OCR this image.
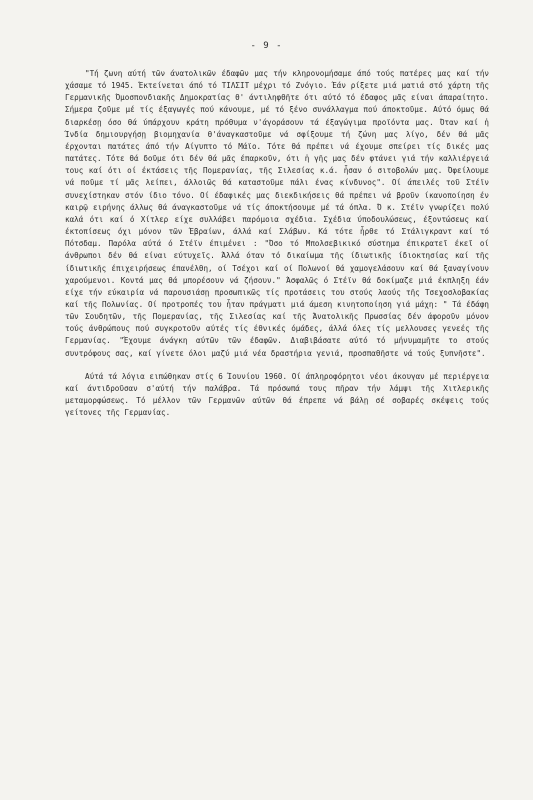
- 9 -

"Τή ζωνη αύτή τῶν άνατολικῶν έδαφῶν μας τήν κληρονομήσαμε άπό τούς πατέρες μας καί τήν χάσαμε τό 1945. Έκτείνεται άπό τό ΤΙΛΣΙΤ μέχρι τό Ζνόγιο. Έάν ρίξετε μιά ματιά στό χάρτη τῆς Γερμανικῆς Όμοσπονδιακῆς Δημοκρατίας θ' άντιληφθῆτε ότι αύτό τό έδαφος μᾶς είναι άπαραίτητο. Σήμερα ζοῦμε μέ τίς έξαγωγές πού κάνουμε, μέ τό ξένο συνάλλαγμα πού άποκτοῦμε. Αύτό όμως θά διαρκέσῃ όσο θά ύπάρχουν κράτη πρόθυμα ν'άγοράσουν τά έξαγώγιμα προϊόντα μας. Όταν καί ἡ Ίνδία δημιουργήσῃ βιομηχανία θ'άναγκαστοῦμε νά σφίξουμε τή ζώνη μας λίγο, δέν θά μᾶς έρχονται πατάτες άπό τήν Αίγυπτο τό Μάϊο. Τότε θά πρέπει νά έχουμε σπείρει τίς δικές μας πατάτες. Τότε θά δοῦμε ότι δέν θά μᾶς έπαρκοῦν, ότι ἡ γῆς μας δέν φτάνει γιά τήν καλλιέργειά τους καί ότι οί έκτάσεις τῆς Πομερανίας, τῆς Σιλεσίας κ.ά. ἦσαν ό σιτοβολών μας. Όφείλουμε νά ποῦμε τί μᾶς λείπει, άλλοιῶς θά καταστοῦμε πάλι ένας κίνδυνος". Οί άπειλές τοῦ Στέϊν συνεχίστηκαν στόν ίδιο τόνο. Οί έδαφικές μας διεκδικήσεις θά πρέπει νά βροῦν ίκανοποίηση έν καιρῷ ειρήνης άλλως θά άναγκαστοῦμε νά τίς άποκτήσουμε μέ τά όπλα. Ό κ. Στέϊν γνωρίζει πολύ καλά ότι καί ό Χίτλερ είχε συλλάβει παρόμοια σχέδια. Σχέδια ύποδουλώσεως, έξοντώσεως καί έκτοπίσεως όχι μόνον τῶν Έβραίων, άλλά καί Σλάβων. Κά τότε ἦρθε τό Στάλιγκραντ καί τό Πότσδαμ. Παρόλα αύτά ό Στέϊν έπιμένει : "Όσο τό Μπολσεβικικό σύστημα έπικρατεῖ έκεῖ οί άνθρωποι δέν θά είναι εύτυχεῖς. Άλλά όταν τό δικαίωμα τῆς ίδιωτικῆς ίδιοκτησίας καί τῆς ίδιωτικῆς έπιχειρήσεως έπανέλθη, οί Τσέχοι καί οί Πολωνοί θά χαμογελάσουν καί θά ξαναγίνουν χαρούμενοι. Κοντά μας θά μπορέσουν νά ζήσουν." Άσφαλῶς ό Στέϊν θά δοκίμαζε μιά έκπληξη έάν είχε τήν εύκαιρία νά παρουσιάσῃ προσωπικῶς τίς προτάσεις του στούς λαούς τῆς Τσεχοσλοβακίας καί τῆς Πολωνίας. Οί προτροπές του ἦταν πράγματι μιά άμεση κινητοποίηση γιά μάχη: " Τά έδάφη τῶν Σουδητῶν, τῆς Πομερανίας, τῆς Σιλεσίας καί τῆς Άνατολικῆς Πρωσσίας δέν άφοροῦν μόνον τούς άνθρώπους πού συγκροτοῦν αύτές τίς έθνικές όμάδες, άλλά όλες τίς μελλουσες γενεές τῆς Γερμανίας. "Έχουμε άνάγκη αύτῶν τῶν έδαφῶν. Διαβιβάσατε αύτό τό μήνυμαμῆτε το στούς συντρόφους σας, καί γίνετε όλοι μαζύ μιά νέα δραστήρια γενιά, προσπαθῆστε νά τούς ξυπνῆστε".

Αύτά τά λόγια ειπώθηκαν στίς 6 Ίουνίου 1960. Οί άπληροφόρητοι νέοι άκουγαν μέ περιέργεια καί άντιδροῦσαν σ'αύτή τήν παλάβρα. Τά πρόσωπά τους πῆραν τήν λάμψι τῆς Χιτλερικῆς μεταμορφώσεως. Τό μέλλον τῶν Γερμανῶν αύτῶν θά έπρεπε νά βάλῃ σέ σοβαρές σκέψεις τούς γείτονες τῆς Γερμανίας.
